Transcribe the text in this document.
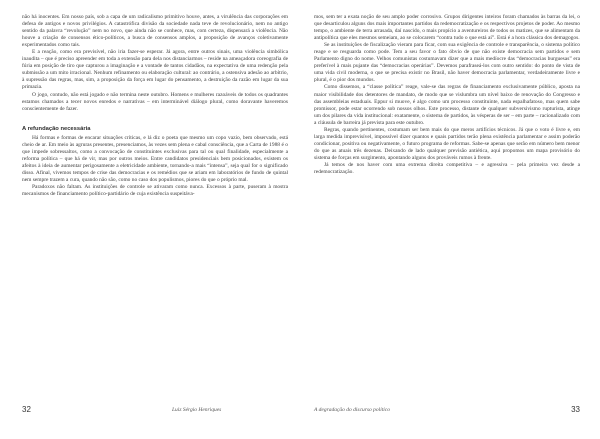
não há inocentes. Em nosso país, sob a capa de um radicalismo primitivo houve, antes, a virulência das corporações em defesa de antigos e novos privilégios. A catastrófica divisão da sociedade nada teve de revolucionário, nem no antigo sentido da palavra “revolução” nem no novo, que ainda não se conhece, mas, com certeza, dispensará a violência. Não houve a criação de consensos ético-políticos, a busca de consensos amplos, a proposição de avanços coletivamente experimentados como tais.

E a reação, como era previsível, não iria fazer-se esperar. Já agora, entre outros sinais, uma violência simbólica inaudita – que é preciso apreender em toda a extensão para dela nos distanciarmos – reside na ameaçadora coreografia de fúria em posição de tiro que capturou a imaginação e a vontade de tantos cidadãos, na expectativa de uma redenção pela submissão a um mito irracional. Nenhum refinamento ou elaboração cultural: ao contrário, a ostensiva adesão ao arbítrio, à supressão das regras, mas, sim, a proposição da força em lugar do pensamento, a destruição da razão em lugar da sua primazia.

O jogo, contudo, não está jogado e não termina neste outubro. Homens e mulheres razoáveis de todos os quadrantes estamos chamados a tecer novos enredos e narrativas – em interminável diálogo plural, como doravante haveremos conscientemente de fazer.

A refundação necessária

Há formas e formas de encarar situações críticas, e lá diz o poeta que mesmo um copo vazio, bem observado, está cheio de ar. Em meio às agruras presentes, presenciamos, às vezes sem plena e cabal consciência, que a Carta de 1988 é o que impede sobressaltos, como a convocação de constituintes exclusivas para tal ou qual finalidade, especialmente a reforma política – que há de vir, mas por outros meios. Entre candidatos presidenciais bem posicionados, existem os afeitos à ideia de aumentar perigosamente a eletricidade ambiente, tornando-a mais “intensa”, seja qual for o significado disso. Afinal, vivemos tempos de crise das democracias e os remédios que se ariam em laboratórios de fundo de quintal nem sempre trazem a cura, quando não são, como no caso dos populismos, piores do que o próprio mal.

Paradoxos não faltam. As instituições de controle se ativaram como nunca. Excessos à parte, puseram à mostra mecanismos de financiamento político-partidário de cuja existência suspeitáva-

32	Luiz Sérgio Henriques

mos, sem ter a exata noção de seu amplo poder corrosivo. Grupos dirigentes inteiros foram chamados às barras da lei, o que desarticulou alguns dos mais importantes partidos da redemocratização e os respectivos projetos de poder. Ao mesmo tempo, o ambiente de terra arrasada, daí nascido, o mais propício a aventureiros de todos os matizes, que se alimentam da antipolítica que eles mesmos semeiam, ao se colocarem “contra tudo o que está aí”. Está é a hora clássica dos demagogos.

Se as instituições de fiscalização vieram para ficar, com sua exigência de controle e transparência, o sistema político reage e se resguarda como pode. Tem a seu favor o fato óbvio de que não existe democracia sem partidos e sem Parlamento digno do nome. Velhos comunistas costumavam dizer que a mais medíocre das “democracias burguesas” era preferível à mais pujante das “democracias operárias”. Devemos parafraseá-los com outro sentido: do ponto de vista de uma vida civil moderna, o que se precisa existir no Brasil, não haver democracia parlamentar, verdadeiramente livre e plural, é o pior dos mundos.

Como dissemos, a “classe política” reage, vale-se das regras de financiamento exclusivamente público, aposta na maior visibilidade dos detentores de mandato, de modo que se vislumbra um nível baixo de renovação do Congresso e das assembleias estaduais. Eppur si muove, é algo como um processo constituinte, nada espalhafatoso, mas quem sabe promissor, pode estar ocorrendo sob nossos olhos. Este processo, distante de qualquer subversivismo rupturista, atinge um dos pilares da vida institucional: exatamente, o sistema de partidos, às vésperas de ser – em parte – racionalizado com a cláusula de barreira já prevista para este outubro.

Regras, quando pertinentes, costumam ser bem mais do que meros artifícios técnicos. Já que o voto é livre e, em larga medida imprevisível, impossível dizer quantos e quais partidos terão plena existência parlamentar e assim poderão condicionar, positiva ou negativamente, o futuro programa de reformas. Sabe-se apenas que serão em número bem menor do que as atuais três dezenas. Deixando de lado qualquer previsão antiética, aqui propomos um mapa provisório do sistema de forças em surgimento, apontando alguns dos prováveis rumos à frente.

Já temos de nos haver com uma extrema direita competitiva – e agressiva – pela primeira vez desde a redemocratização.

A degradação do discurso político	33
